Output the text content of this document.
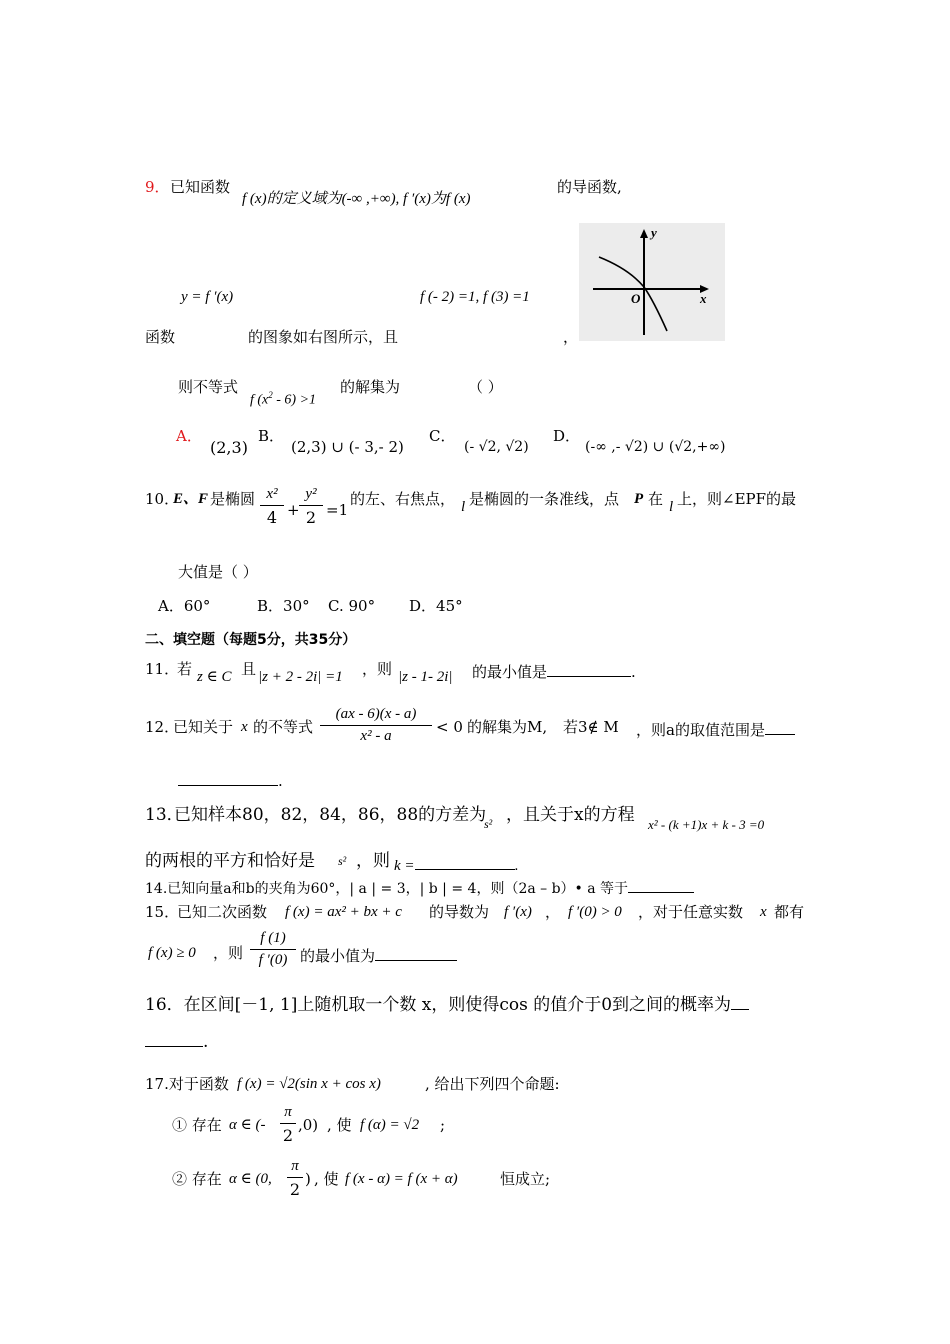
9． 已知函数
f (x)的定义域为(-∞ ,+∞), f ′(x)为f (x)
的导函数,
y = f ′(x)	f (- 2) =1, f (3) =1
函数	的图象如右图所示，且	，
y
x
O
则不等式
f $(x^2 - 6) >1$
的解集为	（ ）
A．
(2,3)
B．
(2,3) ∪ (- 3,- 2)
C．
(- √2, √2)
D．
(-∞ ,- √2) ∪ (√2,+∞)
10．
E、F 是椭圆 x²
4 +
y²
2 =1
的左、右焦点， l 是椭圆的一条准线，点 P 在 l 上，则∠EPF的最
大值是（ ）
A．60°	B．30° C. 90° D．45°
二、填空题（每题5分，共35分）
11．
若 z ∈ C 且 |z + 2 - 2i| =1 ，则 |z - 1- 2i| 的最小值是	.
12．
已知关于 x 的不等式
(ax - 6)(x - a)
x² - a	< 0 的解集为M, 若3∉ M ，则a的取值范围是
.
13．
已知样本80，82，84，86，88的方差为
s² ，且关于x的方程 x² - (k +1)x + k - 3 =0
的两根的平方和恰好是 s² ，则 k =	.
14.已知向量a和b的夹角为60°，| a | = 3，| b | = 4，则（2a – b）• a 等于
15．
已知二次函数 f (x) = ax² + bx + c 的导数为 f ′(x) ， f ′(0) > 0 ，对于任意实数 x 都有
f (x) ≥ 0 ，则
f (1)
f ′(0) 的最小值为
16．在区间[－1, 1]上随机取一个数 x，则使得cos 的值介于0到之间的概率为
.
17.对于函数 f (x) = √2(sin x + cos x)	, 给出下列四个命题:
① 存在 α ∈ (-
π
2
,0) , 使 f (α) = √2 ;
② 存在 α ∈ (0,
π
2
) , 使 f (x - α) = f (x + α)	恒成立;
